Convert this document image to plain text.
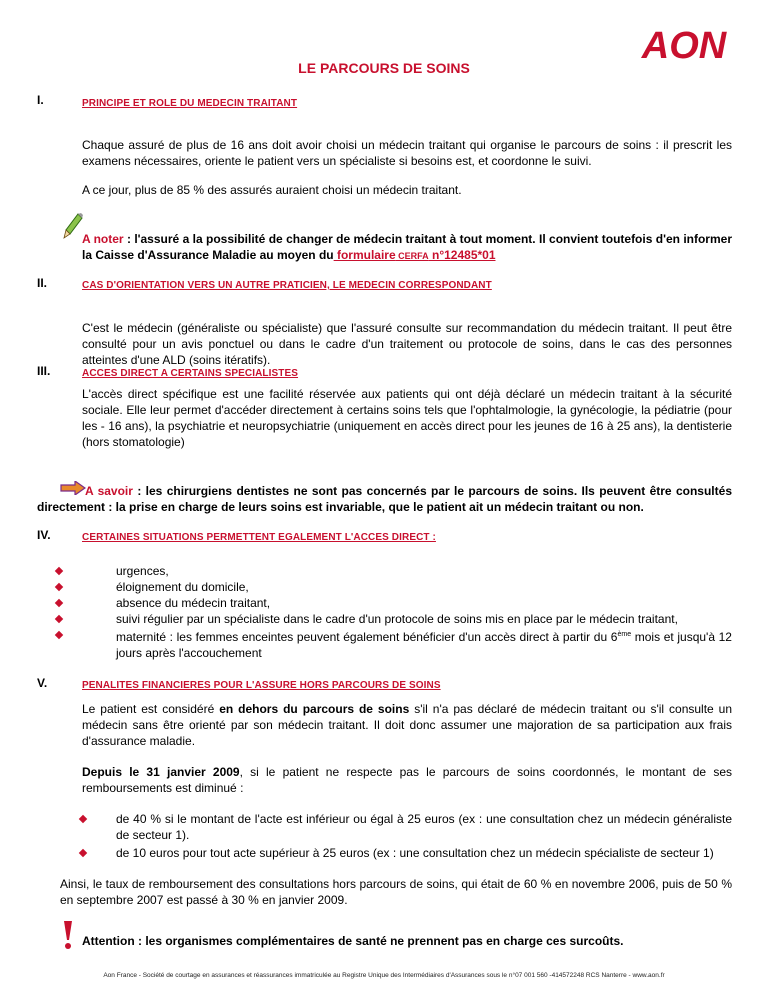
AON
LE PARCOURS DE SOINS
I.	PRINCIPE ET ROLE DU MEDECIN TRAITANT
Chaque assuré de plus de 16 ans doit avoir choisi un médecin traitant qui organise le parcours de soins : il prescrit les examens nécessaires, oriente le patient vers un spécialiste si besoins est, et coordonne le suivi.
A ce jour, plus de 85 % des assurés auraient choisi un médecin traitant.
A noter : l'assuré a la possibilité de changer de médecin traitant à tout moment. Il convient toutefois d'en informer la Caisse d'Assurance Maladie au moyen du formulaire CERFA n°12485*01
II.	CAS D'ORIENTATION VERS UN AUTRE PRATICIEN, LE MEDECIN CORRESPONDANT
C'est le médecin (généraliste ou spécialiste) que l'assuré consulte sur recommandation du médecin traitant. Il peut être consulté pour un avis ponctuel ou dans le cadre d'un traitement ou protocole de soins, dans le cas des personnes atteintes d'une ALD (soins itératifs).
III.	ACCES DIRECT A CERTAINS SPECIALISTES
L'accès direct spécifique est une facilité réservée aux patients qui ont déjà déclaré un médecin traitant à la sécurité sociale. Elle leur permet d'accéder directement à certains soins tels que l'ophtalmologie, la gynécologie, la pédiatrie (pour les - 16 ans), la psychiatrie et neuropsychiatrie (uniquement en accès direct pour les jeunes de 16 à 25 ans), la dentisterie (hors stomatologie)
A savoir : les chirurgiens dentistes ne sont pas concernés par le parcours de soins. Ils peuvent être consultés directement : la prise en charge de leurs soins est invariable, que le patient ait un médecin traitant ou non.
IV.	CERTAINES SITUATIONS PERMETTENT EGALEMENT L'ACCES DIRECT :
urgences,
éloignement du domicile,
absence du médecin traitant,
suivi régulier par un spécialiste dans le cadre d'un protocole de soins mis en place par le médecin traitant,
maternité : les femmes enceintes peuvent également bénéficier d'un accès direct à partir du 6ème mois et jusqu'à 12 jours après l'accouchement
V.	PENALITES FINANCIERES POUR L'ASSURE HORS PARCOURS DE SOINS
Le patient est considéré en dehors du parcours de soins s'il n'a pas déclaré de médecin traitant ou s'il consulte un médecin sans être orienté par son médecin traitant. Il doit donc assumer une majoration de sa participation aux frais d'assurance maladie.
Depuis le 31 janvier 2009, si le patient ne respecte pas le parcours de soins coordonnés, le montant de ses remboursements est diminué :
de 40 % si le montant de l'acte est inférieur ou égal à 25 euros (ex : une consultation chez un médecin généraliste de secteur 1).
de 10 euros pour tout acte supérieur à 25 euros (ex : une consultation chez un médecin spécialiste de secteur 1)
Ainsi, le taux de remboursement des consultations hors parcours de soins, qui était de 60 % en novembre 2006, puis de 50 % en septembre 2007 est passé à 30 % en janvier 2009.
Attention : les organismes complémentaires de santé ne prennent pas en charge ces surcoûts.
Aon France - Société de courtage en assurances et réassurances immatriculée au Registre Unique des Intermédiaires d'Assurances sous le n°07 001 560 -414572248 RCS Nanterre - www.aon.fr
